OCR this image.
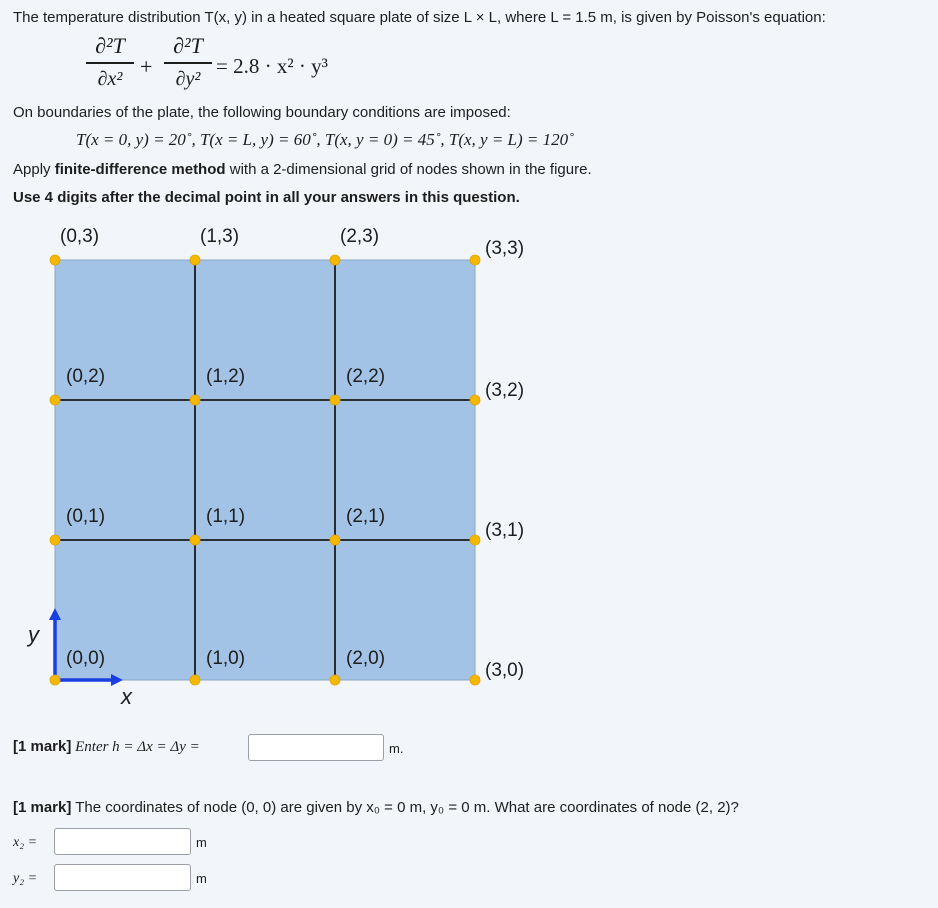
The temperature distribution T(x, y) in a heated square plate of size L × L, where L = 1.5 m, is given by Poisson's equation:
∂²T
∂x² +
∂²T
∂y²
= 2.8 · x² · y³
On boundaries of the plate, the following boundary conditions are imposed:
T(x = 0, y) = 20˚, T(x = L, y) = 60˚, T(x, y = 0) = 45˚, T(x, y = L) = 120˚
Apply finite-difference method with a 2-dimensional grid of nodes shown in the figure.
Use 4 digits after the decimal point in all your answers in this question.
x
y
(0,0)	(1,0)	(2,0)
(3,0)
(0,1)	(1,1)	(2,1)
(3,1)
(0,2)	(1,2)	(2,2)
(3,2)
(0,3)	(1,3)	(2,3)
(3,3)
[1 mark] Enter h = Δx = Δy =	m.
[1 mark] The coordinates of node (0, 0) are given by x₀ = 0 m, y₀ = 0 m. What are coordinates of node (2, 2)?
x₂ =	m
y₂ =	m
